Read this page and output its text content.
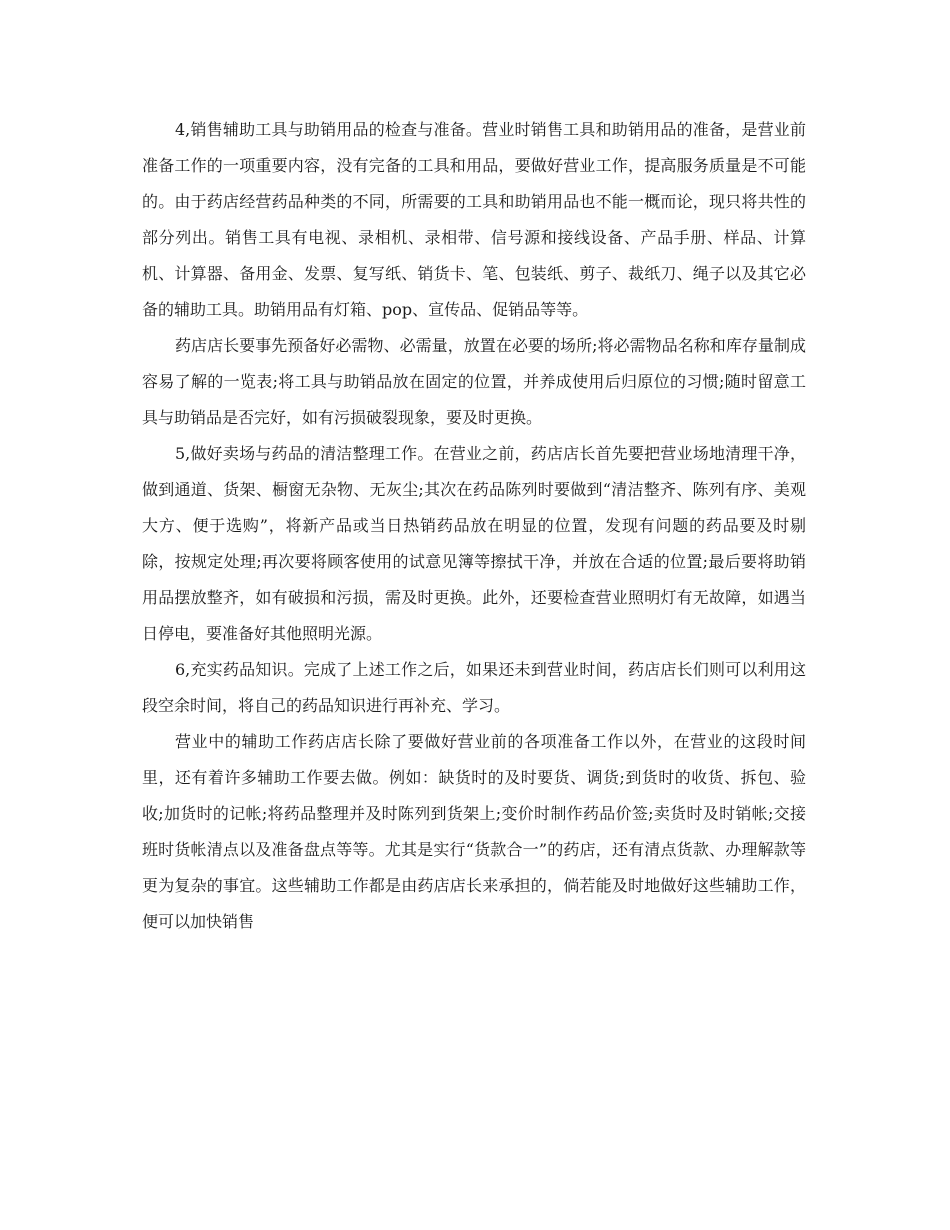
4,销售辅助工具与助销用品的检查与准备。营业时销售工具和助销用品的准备，是营业前准备工作的一项重要内容，没有完备的工具和用品，要做好营业工作，提高服务质量是不可能的。由于药店经营药品种类的不同，所需要的工具和助销用品也不能一概而论，现只将共性的部分列出。销售工具有电视、录相机、录相带、信号源和接线设备、产品手册、样品、计算机、计算器、备用金、发票、复写纸、销货卡、笔、包装纸、剪子、裁纸刀、绳子以及其它必备的辅助工具。助销用品有灯箱、pop、宣传品、促销品等等。

药店店长要事先预备好必需物、必需量，放置在必要的场所;将必需物品名称和库存量制成容易了解的一览表;将工具与助销品放在固定的位置，并养成使用后归原位的习惯;随时留意工具与助销品是否完好，如有污损破裂现象，要及时更换。

5,做好卖场与药品的清洁整理工作。在营业之前，药店店长首先要把营业场地清理干净，做到通道、货架、橱窗无杂物、无灰尘;其次在药品陈列时要做到“清洁整齐、陈列有序、美观大方、便于选购”，将新产品或当日热销药品放在明显的位置，发现有问题的药品要及时剔除，按规定处理;再次要将顾客使用的试意见簿等擦拭干净，并放在合适的位置;最后要将助销用品摆放整齐，如有破损和污损，需及时更换。此外，还要检查营业照明灯有无故障，如遇当日停电，要准备好其他照明光源。

6,充实药品知识。完成了上述工作之后，如果还未到营业时间，药店店长们则可以利用这段空余时间，将自己的药品知识进行再补充、学习。

营业中的辅助工作药店店长除了要做好营业前的各项准备工作以外，在营业的这段时间里，还有着许多辅助工作要去做。例如：缺货时的及时要货、调货;到货时的收货、拆包、验收;加货时的记帐;将药品整理并及时陈列到货架上;变价时制作药品价签;卖货时及时销帐;交接班时货帐清点以及准备盘点等等。尤其是实行“货款合一”的药店，还有清点货款、办理解款等更为复杂的事宜。这些辅助工作都是由药店店长来承担的，倘若能及时地做好这些辅助工作，便可以加快销售
